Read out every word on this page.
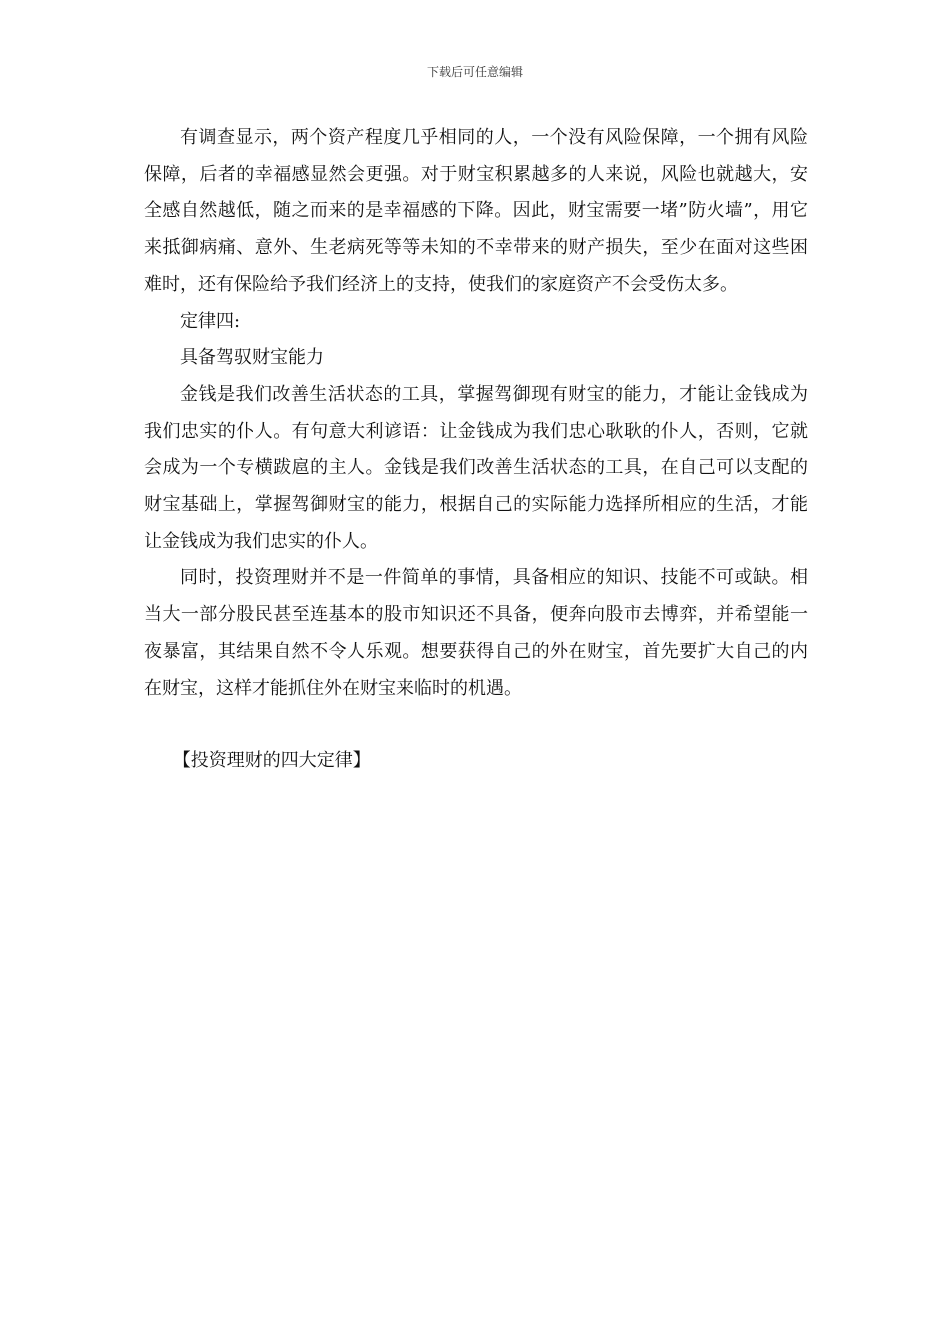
下载后可任意编辑

有调查显示，两个资产程度几乎相同的人，一个没有风险保障，一个拥有风险保障，后者的幸福感显然会更强。对于财宝积累越多的人来说，风险也就越大，安全感自然越低，随之而来的是幸福感的下降。因此，财宝需要一堵”防火墙”，用它来抵御病痛、意外、生老病死等等未知的不幸带来的财产损失，至少在面对这些困难时，还有保险给予我们经济上的支持，使我们的家庭资产不会受伤太多。

定律四:

具备驾驭财宝能力

金钱是我们改善生活状态的工具，掌握驾御现有财宝的能力，才能让金钱成为我们忠实的仆人。有句意大利谚语：让金钱成为我们忠心耿耿的仆人，否则，它就会成为一个专横跋扈的主人。金钱是我们改善生活状态的工具，在自己可以支配的财宝基础上，掌握驾御财宝的能力，根据自己的实际能力选择所相应的生活，才能让金钱成为我们忠实的仆人。

同时，投资理财并不是一件简单的事情，具备相应的知识、技能不可或缺。相当大一部分股民甚至连基本的股市知识还不具备，便奔向股市去博弈，并希望能一夜暴富，其结果自然不令人乐观。想要获得自己的外在财宝，首先要扩大自己的内在财宝，这样才能抓住外在财宝来临时的机遇。

【投资理财的四大定律】
